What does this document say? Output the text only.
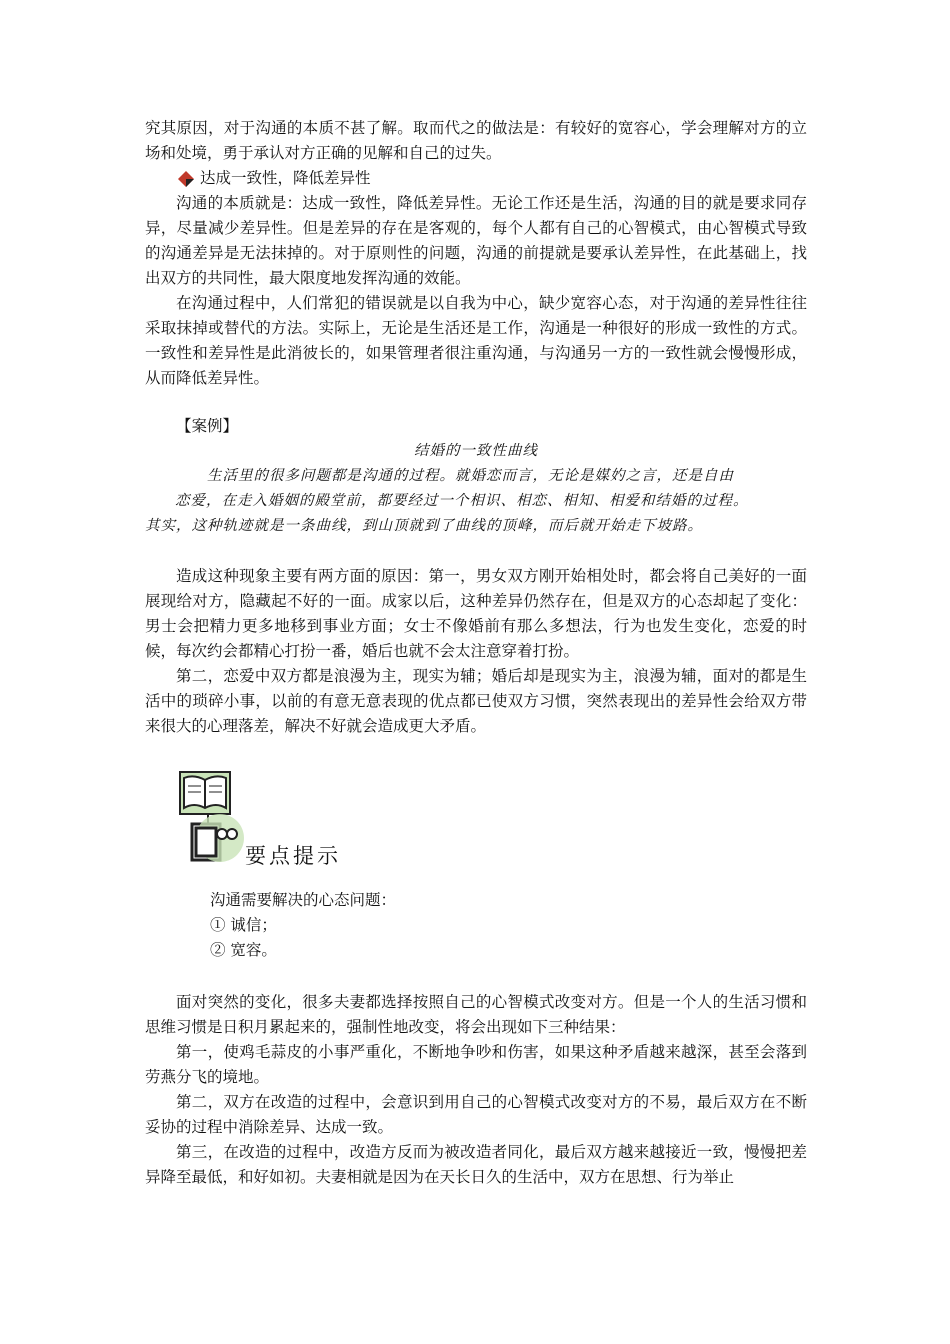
究其原因，对于沟通的本质不甚了解。取而代之的做法是：有较好的宽容心，学会理解对方的立场和处境，勇于承认对方正确的见解和自己的过失。

达成一致性，降低差异性

沟通的本质就是：达成一致性，降低差异性。无论工作还是生活，沟通的目的就是要求同存异，尽量减少差异性。但是差异的存在是客观的，每个人都有自己的心智模式，由心智模式导致的沟通差异是无法抹掉的。对于原则性的问题，沟通的前提就是要承认差异性，在此基础上，找出双方的共同性，最大限度地发挥沟通的效能。

在沟通过程中，人们常犯的错误就是以自我为中心，缺少宽容心态，对于沟通的差异性往往采取抹掉或替代的方法。实际上，无论是生活还是工作，沟通是一种很好的形成一致性的方式。一致性和差异性是此消彼长的，如果管理者很注重沟通，与沟通另一方的一致性就会慢慢形成，从而降低差异性。

【案例】

结婚的一致性曲线

生活里的很多问题都是沟通的过程。就婚恋而言，无论是媒妁之言，还是自由

恋爱，在走入婚姻的殿堂前，都要经过一个相识、相恋、相知、相爱和结婚的过程。

其实，这种轨迹就是一条曲线，到山顶就到了曲线的顶峰，而后就开始走下坡路。

造成这种现象主要有两方面的原因：第一，男女双方刚开始相处时，都会将自己美好的一面展现给对方，隐藏起不好的一面。成家以后，这种差异仍然存在，但是双方的心态却起了变化：男士会把精力更多地移到事业方面；女士不像婚前有那么多想法，行为也发生变化，恋爱的时候，每次约会都精心打扮一番，婚后也就不会太注意穿着打扮。

第二，恋爱中双方都是浪漫为主，现实为辅；婚后却是现实为主，浪漫为辅，面对的都是生活中的琐碎小事，以前的有意无意表现的优点都已使双方习惯，突然表现出的差异性会给双方带来很大的心理落差，解决不好就会造成更大矛盾。

要点提示

沟通需要解决的心态问题：

① 诚信；

② 宽容。

面对突然的变化，很多夫妻都选择按照自己的心智模式改变对方。但是一个人的生活习惯和思维习惯是日积月累起来的，强制性地改变，将会出现如下三种结果：

第一，使鸡毛蒜皮的小事严重化，不断地争吵和伤害，如果这种矛盾越来越深，甚至会落到劳燕分飞的境地。

第二，双方在改造的过程中，会意识到用自己的心智模式改变对方的不易，最后双方在不断妥协的过程中消除差异、达成一致。

第三，在改造的过程中，改造方反而为被改造者同化，最后双方越来越接近一致，慢慢把差异降至最低，和好如初。夫妻相就是因为在天长日久的生活中，双方在思想、行为举止
